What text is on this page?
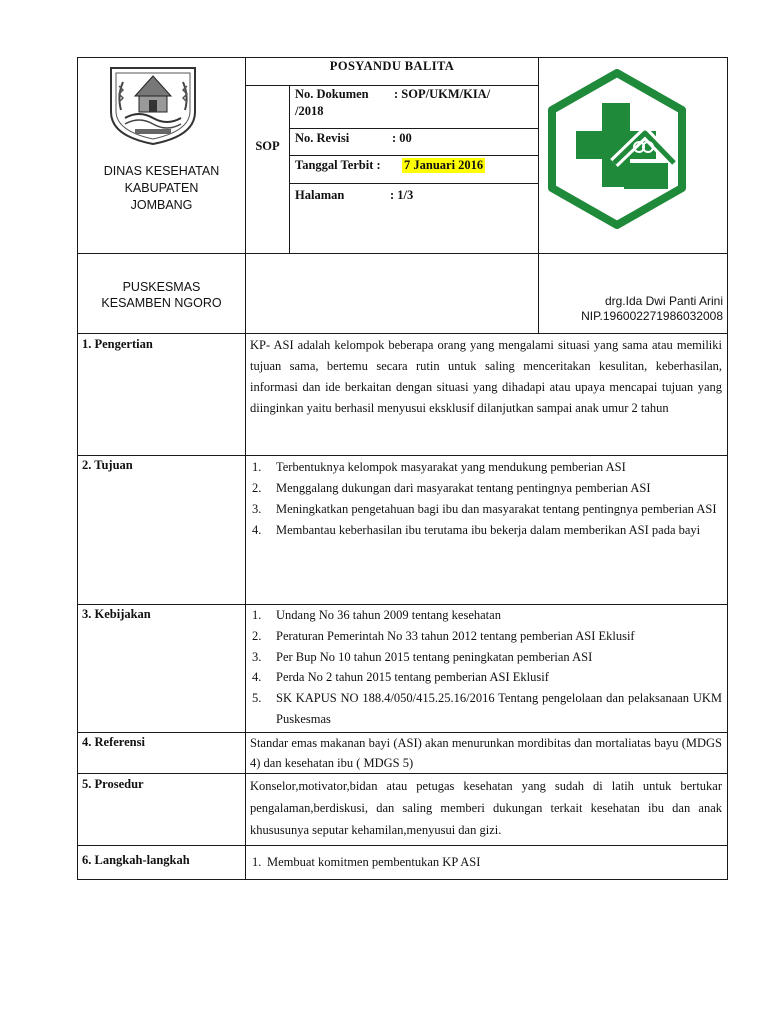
DINAS KESEHATAN
KABUPATEN
JOMBANG
POSYANDU BALITA
SOP
No. Dokumen : SOP/UKM/KIA/
/2018
No. Revisi	: 00
Tanggal Terbit : 7 Januari 2016
Halaman	: 1/3
PUSKESMAS
KESAMBEN NGORO	drg.Ida Dwi Panti Arini
NIP.196002271986032008
1. Pengertian	KP- ASI adalah kelompok beberapa orang yang mengalami situasi yang sama atau memiliki tujuan sama, bertemu secara rutin untuk saling menceritakan kesulitan, keberhasilan, informasi dan ide berkaitan dengan situasi yang dihadapi atau upaya mencapai tujuan yang diinginkan yaitu berhasil menyusui eksklusif dilanjutkan sampai anak umur 2 tahun
2. Tujuan	1. Terbentuknya kelompok masyarakat yang mendukung pemberian ASI
2. Menggalang dukungan dari masyarakat tentang pentingnya pemberian ASI
3. Meningkatkan pengetahuan bagi ibu dan masyarakat tentang pentingnya pemberian ASI
4. Membantau keberhasilan ibu terutama ibu bekerja dalam memberikan ASI pada bayi
3. Kebijakan	1. Undang No 36 tahun 2009 tentang kesehatan
2. Peraturan Pemerintah No 33 tahun 2012 tentang pemberian ASI Eklusif
3. Per Bup No 10 tahun 2015 tentang peningkatan pemberian ASI
4. Perda No 2 tahun 2015 tentang pemberian ASI Eklusif
5. SK KAPUS NO 188.4/050/415.25.16/2016 Tentang pengelolaan dan pelaksanaan UKM Puskesmas
4. Referensi	Standar emas makanan bayi (ASI) akan menurunkan mordibitas dan mortaliatas bayu (MDGS 4) dan kesehatan ibu ( MDGS 5)
5. Prosedur	Konselor,motivator,bidan atau petugas kesehatan yang sudah di latih untuk bertukar pengalaman,berdiskusi, dan saling memberi dukungan terkait kesehatan ibu dan anak khususunya seputar kehamilan,menyusui dan gizi.
6. Langkah-langkah	1. Membuat komitmen pembentukan KP ASI
